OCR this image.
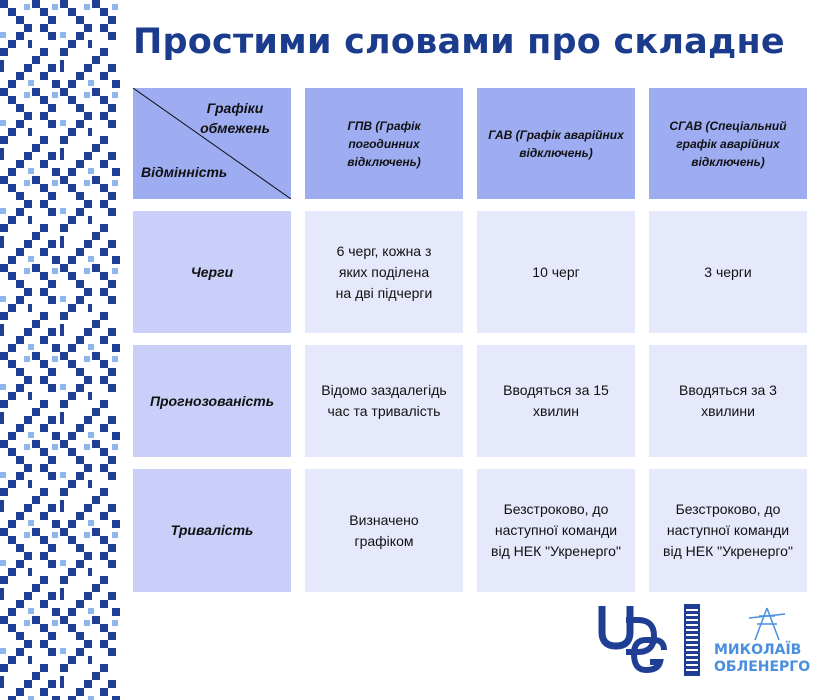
Простими словами про складне
Графіки обмежень
Відмінність
ГПВ (Графік погодинних відключень)
ГАВ (Графік аварійних відключень)
СГАВ (Спеціальний графік аварійних відключень)
Черги
6 черг, кожна з яких поділена на дві підчерги
10 черг	3 черги
Прогнозованість
Відомо заздалегідь час та тривалість
Вводяться за 15 хвилин
Вводяться за 3 хвилини
Тривалість
Визначено графіком
Безстроково, до наступної команди від НЕК "Укренерго"
Безстроково, до наступної команди від НЕК "Укренерго"
МИКОЛАЇВ
ОБЛЕНЕРГО
